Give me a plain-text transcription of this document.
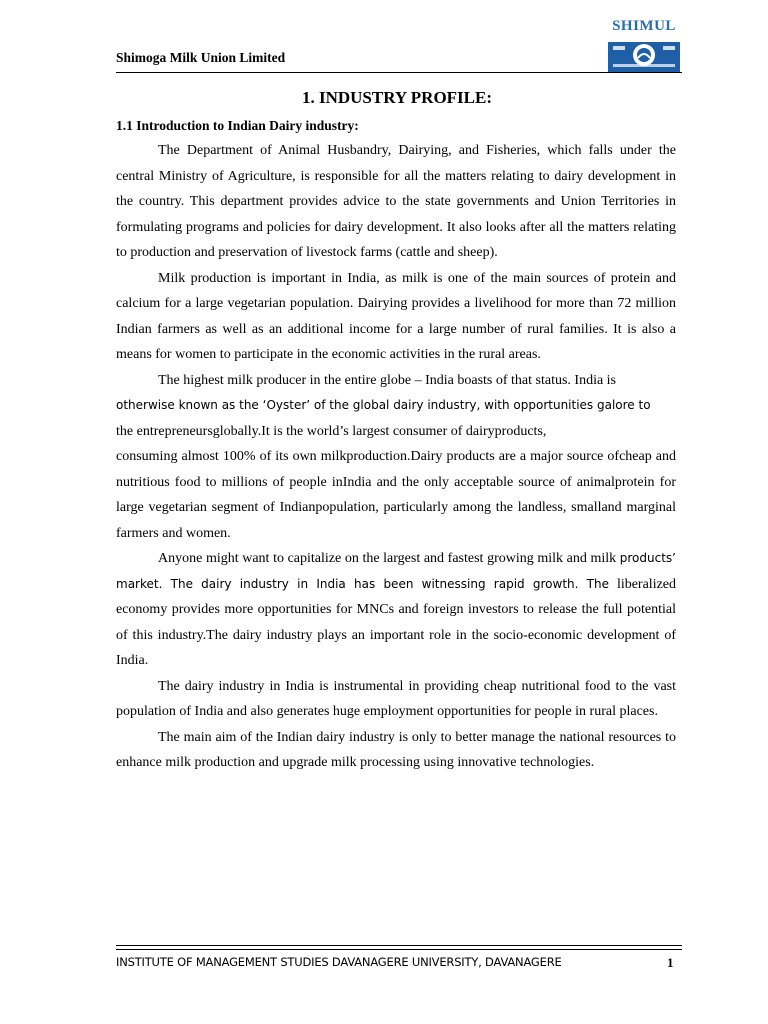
Shimoga Milk Union Limited
SHIMUL
1. INDUSTRY PROFILE:
1.1 Introduction to Indian Dairy industry:

The Department of Animal Husbandry, Dairying, and Fisheries, which falls under the central Ministry of Agriculture, is responsible for all the matters relating to dairy development in the country. This department provides advice to the state governments and Union Territories in formulating programs and policies for dairy development. It also looks after all the matters relating to production and preservation of livestock farms (cattle and sheep).

Milk production is important in India, as milk is one of the main sources of protein and calcium for a large vegetarian population. Dairying provides a livelihood for more than 72 million Indian farmers as well as an additional income for a large number of rural families. It is also a means for women to participate in the economic activities in the rural areas.

The highest milk producer in the entire globe – India boasts of that status. India is

otherwise known as the ‘Oyster’ of the global dairy industry, with opportunities galore to

the entrepreneursglobally.It is the world’s largest consumer of dairyproducts,

consuming almost 100% of its own milkproduction.Dairy products are a major source ofcheap and nutritious food to millions of people inIndia and the only acceptable source of animalprotein for large vegetarian segment of Indianpopulation, particularly among the landless, smalland marginal farmers and women.

Anyone might want to capitalize on the largest and fastest growing milk and milk products’ market. The dairy industry in India has been witnessing rapid growth. The liberalized economy provides more opportunities for MNCs and foreign investors to release the full potential of this industry.The dairy industry plays an important role in the socio-economic development of India.

The dairy industry in India is instrumental in providing cheap nutritional food to the vast population of India and also generates huge employment opportunities for people in rural places.

The main aim of the Indian dairy industry is only to better manage the national resources to enhance milk production and upgrade milk processing using innovative technologies.

INSTITUTE OF MANAGEMENT STUDIES DAVANAGERE UNIVERSITY, DAVANAGERE	1
